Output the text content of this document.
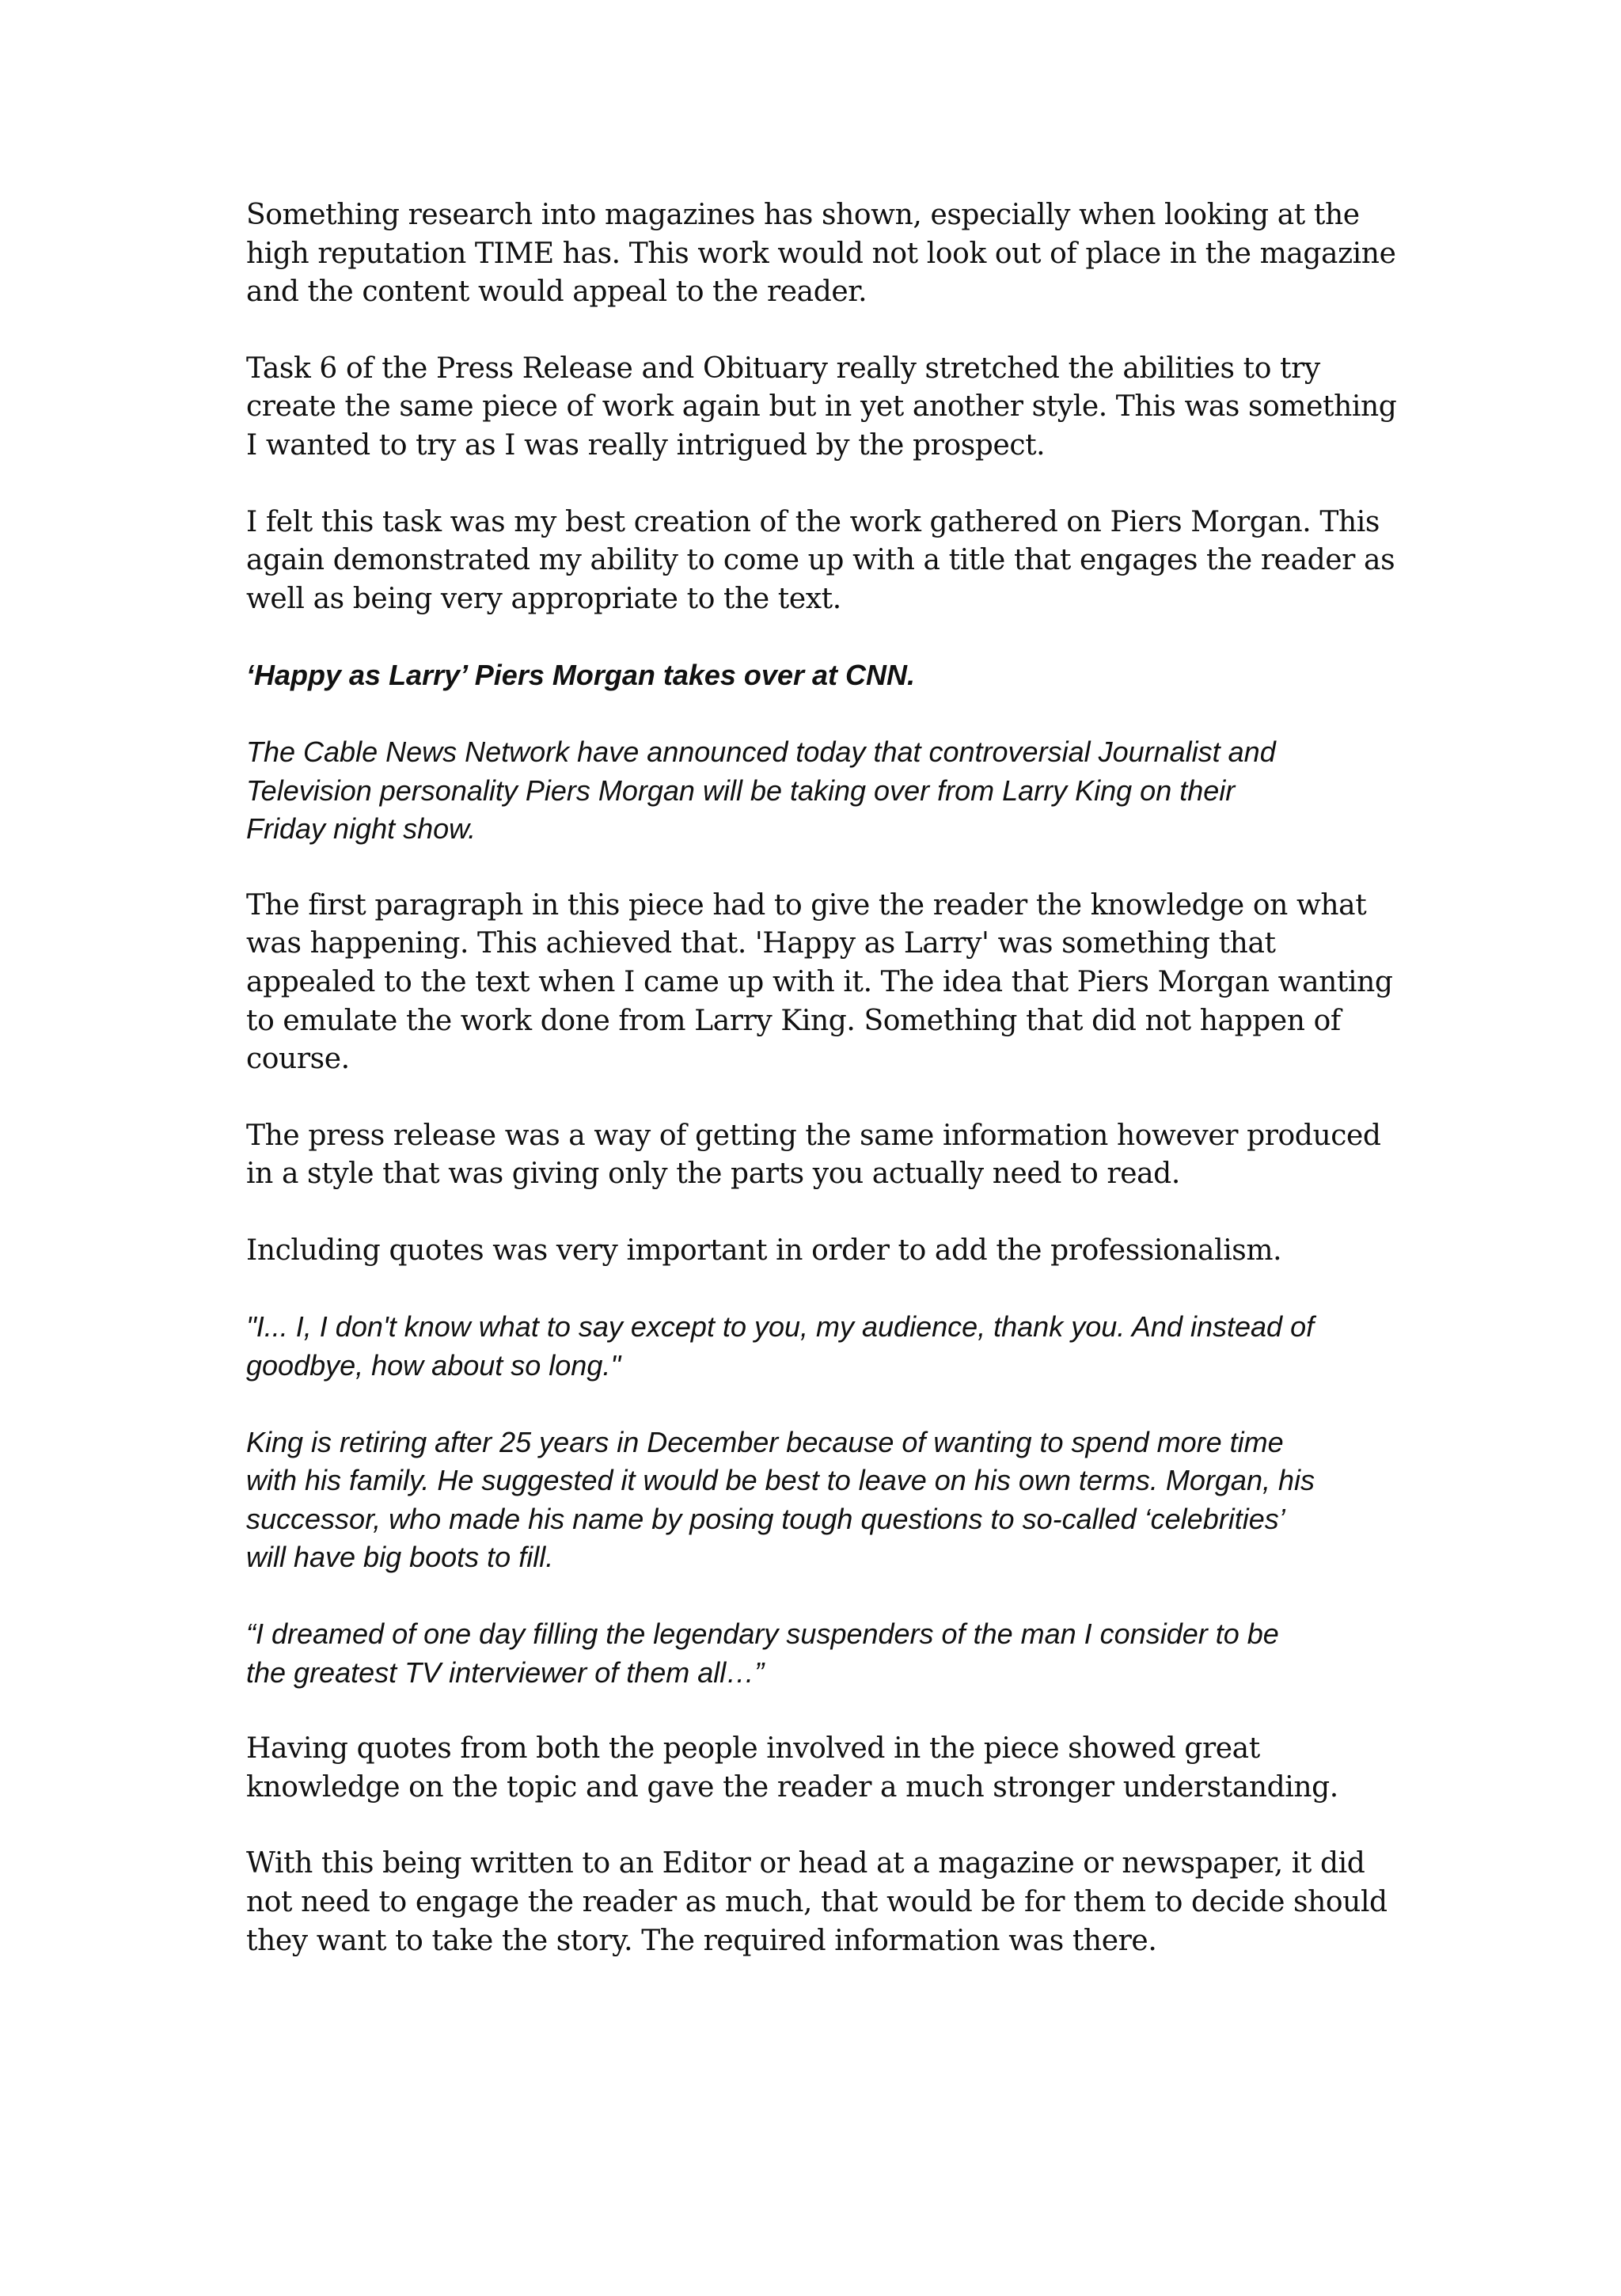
Something research into magazines has shown, especially when looking at the
high reputation TIME has. This work would not look out of place in the magazine
and the content would appeal to the reader.

Task 6 of the Press Release and Obituary really stretched the abilities to try
create the same piece of work again but in yet another style. This was something
I wanted to try as I was really intrigued by the prospect.

I felt this task was my best creation of the work gathered on Piers Morgan. This
again demonstrated my ability to come up with a title that engages the reader as
well as being very appropriate to the text.

‘Happy as Larry’ Piers Morgan takes over at CNN.

The Cable News Network have announced today that controversial Journalist and
Television personality Piers Morgan will be taking over from Larry King on their
Friday night show.

The first paragraph in this piece had to give the reader the knowledge on what
was happening. This achieved that. 'Happy as Larry' was something that
appealed to the text when I came up with it. The idea that Piers Morgan wanting
to emulate the work done from Larry King. Something that did not happen of
course.

The press release was a way of getting the same information however produced
in a style that was giving only the parts you actually need to read.

Including quotes was very important in order to add the professionalism.

"I... I, I don't know what to say except to you, my audience, thank you. And instead of
goodbye, how about so long."

King is retiring after 25 years in December because of wanting to spend more time
with his family. He suggested it would be best to leave on his own terms. Morgan, his
successor, who made his name by posing tough questions to so-called ‘celebrities’
will have big boots to fill.

“I dreamed of one day filling the legendary suspenders of the man I consider to be
the greatest TV interviewer of them all…”

Having quotes from both the people involved in the piece showed great
knowledge on the topic and gave the reader a much stronger understanding.

With this being written to an Editor or head at a magazine or newspaper, it did
not need to engage the reader as much, that would be for them to decide should
they want to take the story. The required information was there.
